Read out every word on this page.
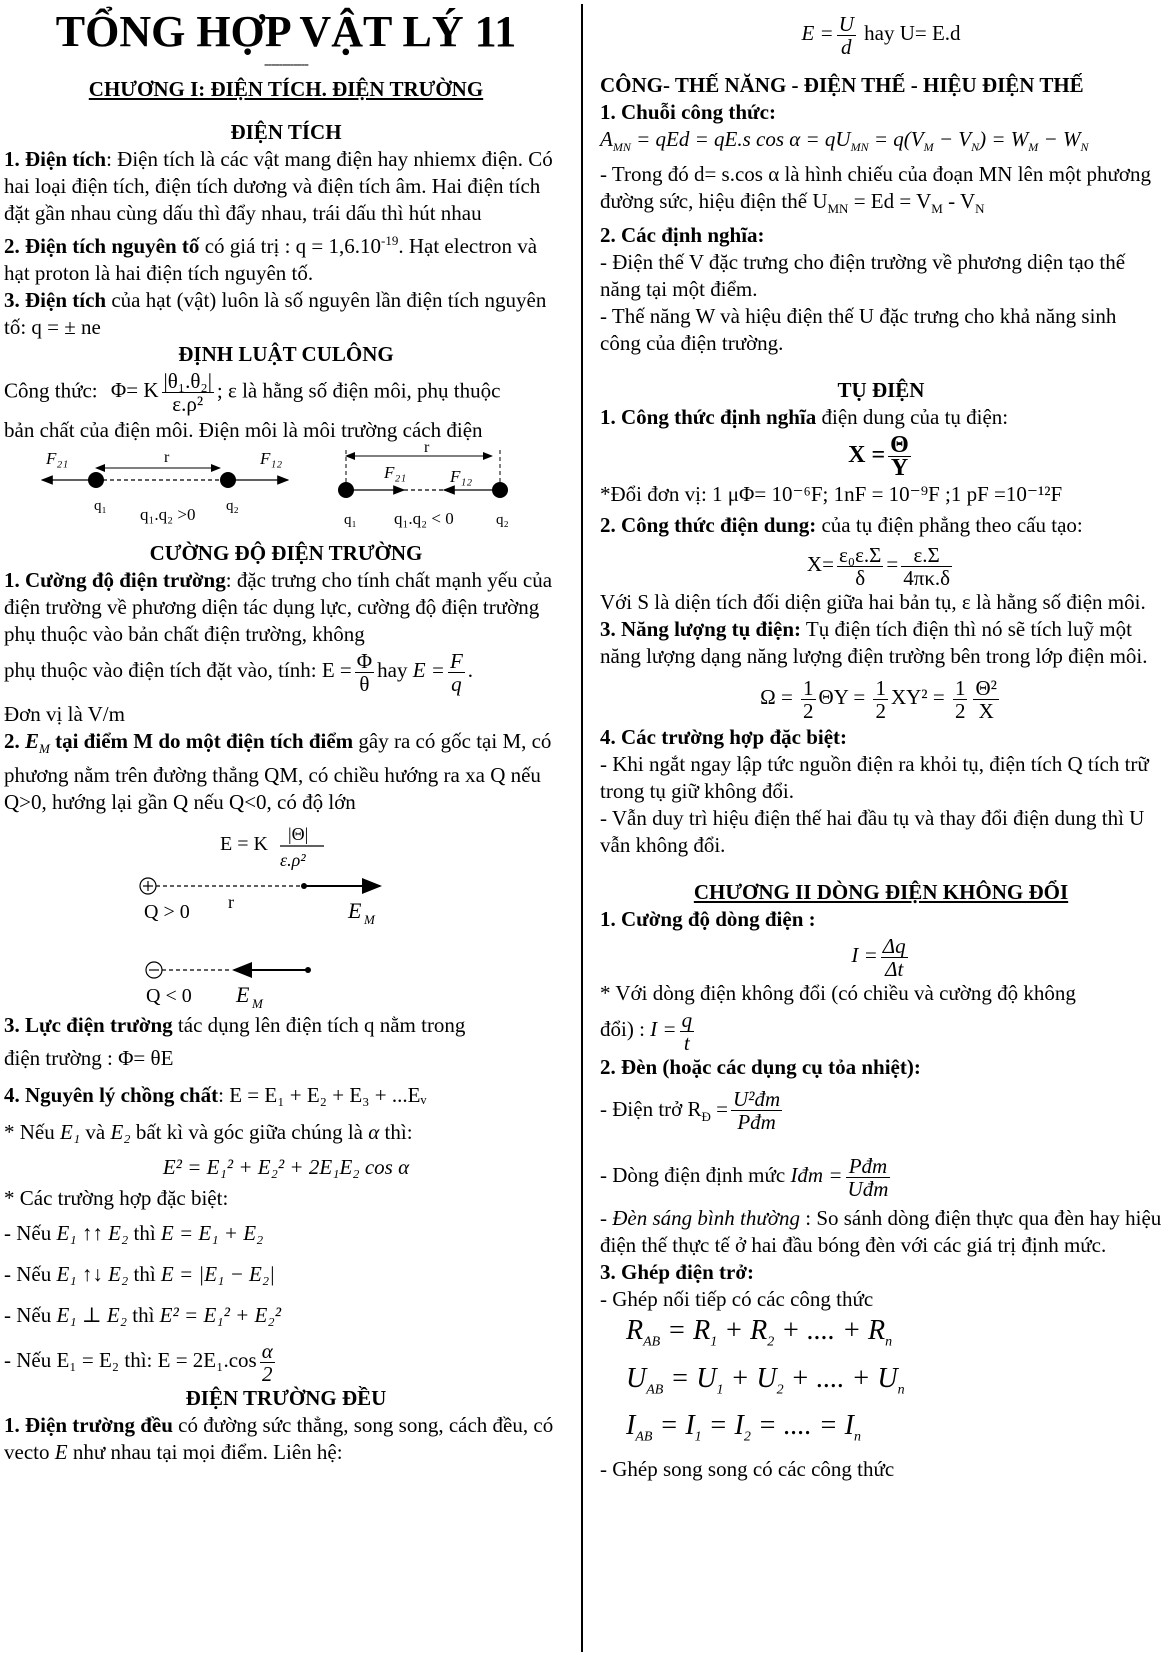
TỔNG HỢP VẬT LÝ 11
------------
CHƯƠNG I: ĐIỆN TÍCH. ĐIỆN TRƯỜNG
ĐIỆN TÍCH

1. Điện tích: Điện tích là các vật mang điện hay nhiemx điện. Có hai loại điện tích, điện tích dương và điện tích âm. Hai điện tích đặt gần nhau cùng dấu thì đẩy nhau, trái dấu thì hút nhau

2. Điện tích nguyên tố có giá trị : $q = 1,6.10^{-19}$. Hạt electron và hạt proton là hai điện tích nguyên tố.

3. Điện tích của hạt (vật) luôn là số nguyên lần điện tích nguyên tố: q = ± ne

ĐỊNH LUẬT CULÔNG

Công thức: Φ= K $\frac{\text{|θ₁.θ₂|}}{\text{ε.ρ²}}$ ; ε là hằng số điện môi, phụ thuộc

bản chất của điện môi. Điện môi là môi trường cách điện

F₂₁	r	F₁₂
q₁	q₂
q₁.q₂ >0
r
F₂₁	F₁₂
q₁	q₂
q₁.q₂ < 0
CƯỜNG ĐỘ ĐIỆN TRƯỜNG

1. Cường độ điện trường: đặc trưng cho tính chất mạnh yếu của điện trường về phương diện tác dụng lực, cường độ điện trường phụ thuộc vào bản chất điện trường, không

phụ thuộc vào điện tích đặt vào, tính: $E = \frac{\Phi}{\theta}$ hay $E = \frac{F}{q}$ .

Đơn vị là V/m

2. $E_M$ tại điểm M do một điện tích điểm gây ra có gốc tại M, có phương nằm trên đường thẳng QM, có chiều hướng ra xa Q nếu Q>0, hướng lại gần Q nếu Q<0, có độ lớn

E = K |Θ|
ε.ρ²
Q > 0 r	E M
Q < 0 E M

3. Lực điện trường tác dụng lên điện tích q nằm trong

điện trường : Φ= θE

4. Nguyên lý chồng chất: E = E₁ + E₂ + E₃ + ...Eᵥ

* Nếu E₁ và E₂ bất kì và góc giữa chúng là α thì:

E² = E₁² + E₂² + 2E₁E₂ cos α

* Các trường hợp đặc biệt:

- Nếu E₁ ↑↑ E₂ thì E = E₁ + E₂

- Nếu E₁ ↑↓ E₂ thì E = |E₁ − E₂|

- Nếu E₁ ⊥ E₂ thì E² = E₁² + E₂²

- Nếu E₁ = E₂ thì: $E = 2E_1.\cos \frac{\alpha}{2}$

ĐIỆN TRƯỜNG ĐỀU

1. Điện trường đều có đường sức thẳng, song song, cách đều, có vecto E như nhau tại mọi điểm. Liên hệ:

$E = \frac{U}{d}$ hay U= E.d

CÔNG- THẾ NĂNG - ĐIỆN THẾ - HIỆU ĐIỆN THẾ

1. Chuỗi công thức:

$A_{MN}$ = qEd = qE.s $\cos \alpha = qU_{MN} = q(V_M - V_N) = W_M - W_N$

- Trong đó d= s.cos α là hình chiếu của đoạn MN lên một phương đường sức, hiệu điện thế $U_{MN} = Ed = V_M - V_N$

2. Các định nghĩa:

- Điện thế V đặc trưng cho điện trường về phương diện tạo thế năng tại một điểm.

- Thế năng W và hiệu điện thế U đặc trưng cho khả năng sinh công của điện trường.

TỤ ĐIỆN

1. Công thức định nghĩa điện dung của tụ điện:

$X = \frac{\Theta}{Y}$

*Đổi đơn vị: 1 μΦ= 10⁻⁶F; 1nF = 10⁻⁹F ;1 pF =10⁻¹²F

2. Công thức điện dung: của tụ điện phẳng theo cấu tạo:

$X= \frac{\text{ε₀ε.Σ}}{\delta} = \frac{\varepsilon.\Sigma}{4\pi\kappa.\delta}$

Với S là diện tích đối diện giữa hai bản tụ, ε là hằng số điện môi.

3. Năng lượng tụ điện: Tụ điện tích điện thì nó sẽ tích luỹ một năng lượng dạng năng lượng điện trường bên trong lớp điện môi.

$\Omega = \frac{1}{2}$ $\Theta Y = \frac{1}{2} XY^2 = \frac{1}{2} \frac{\text{Θ²}}{X}$

4. Các trường hợp đặc biệt:

- Khi ngắt ngay lập tức nguồn điện ra khỏi tụ, điện tích Q tích trữ trong tụ giữ không đổi.

- Vẫn duy trì hiệu điện thế hai đầu tụ và thay đổi điện dung thì U vẫn không đổi.

CHƯƠNG II DÒNG ĐIỆN KHÔNG ĐỔI

1. Cường độ dòng điện :

$I = \frac{\Delta q}{\Delta t}$

* Với dòng điện không đổi (có chiều và cường độ không

đổi) : $I = \frac{q}{t}$

2. Đèn (hoặc các dụng cụ tỏa nhiệt):

- Điện trở $R_Đ = \frac{\text{U²đm}}{\text{Pđm}}$

- Dòng điện định mức Iđm = $\frac{\text{Pđm}}{\text{Uđm}}$

- Đèn sáng bình thường : So sánh dòng điện thực qua đèn hay hiệu điện thế thực tế ở hai đầu bóng đèn với các giá trị định mức.

3. Ghép điện trở:

- Ghép nối tiếp có các công thức

$R_{AB} = R_1 + R_2$ + .... + $R_n$

$U_{AB} = U_1 + U_2$ + .... + $U_n$

$I_{AB} = I_1 = I_2$ = .... = $I_n$

- Ghép song song có các công thức
